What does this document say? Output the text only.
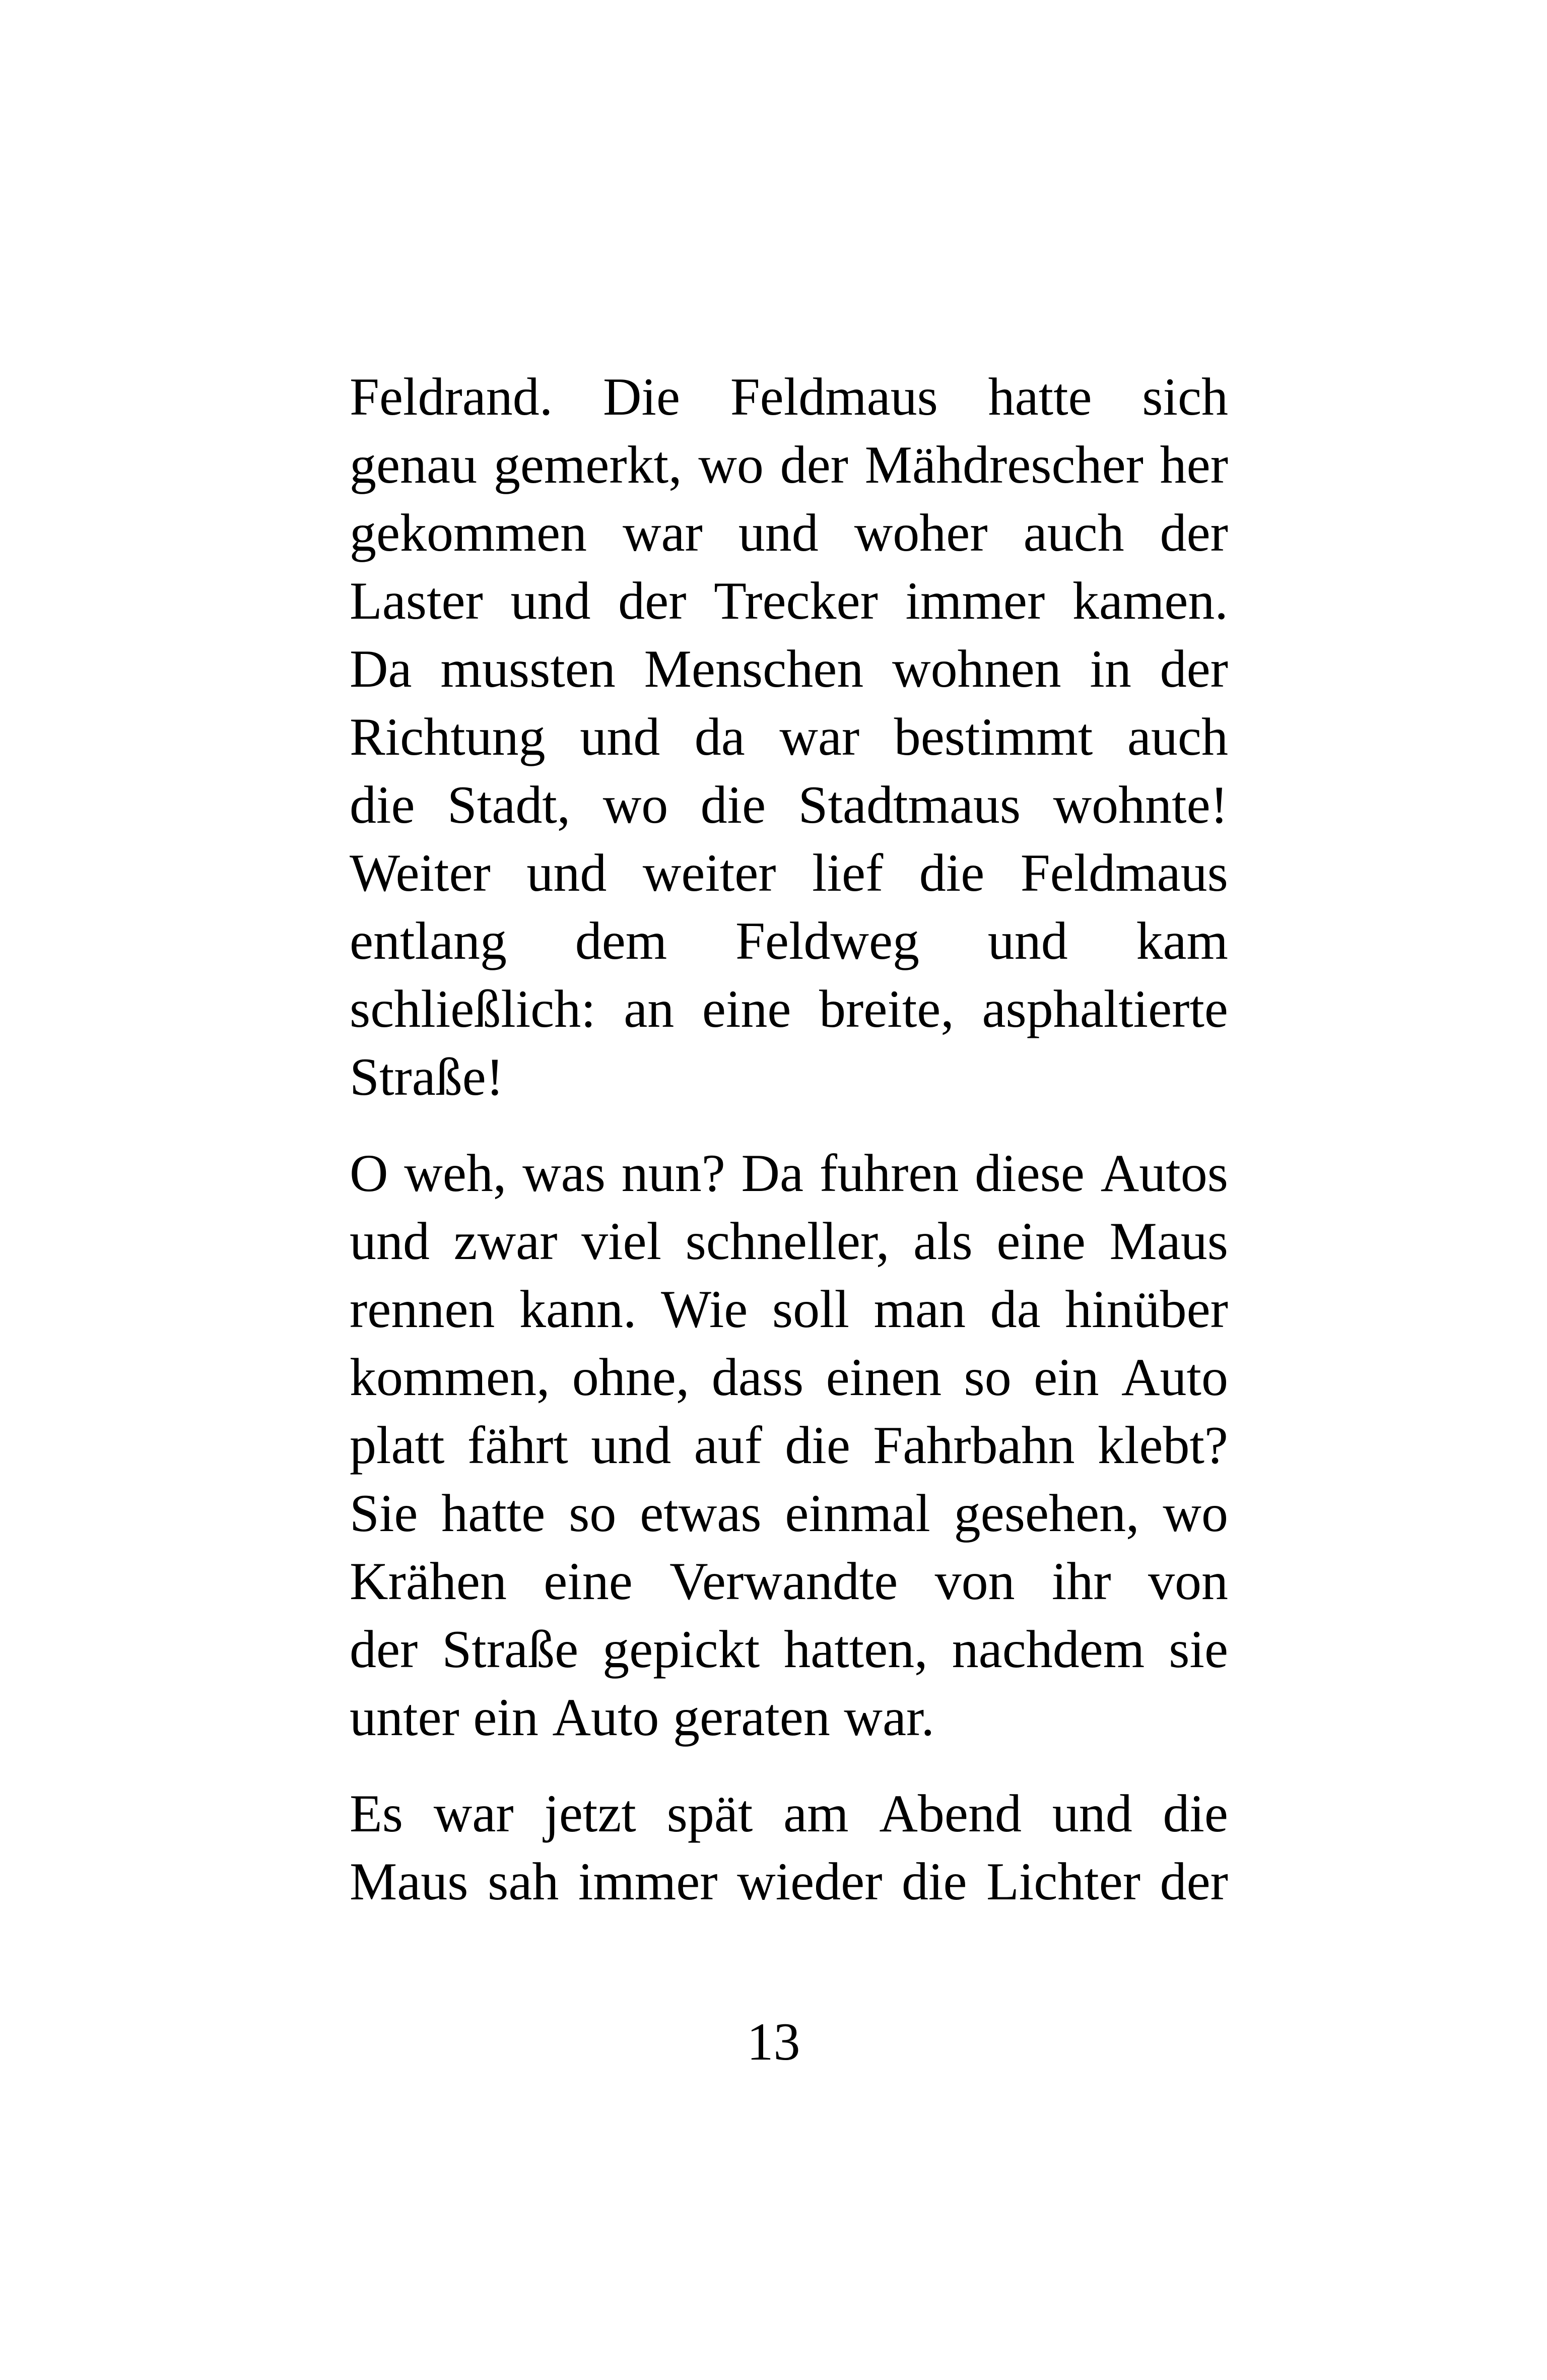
Feldrand. Die Feldmaus hatte sich
genau gemerkt, wo der Mähdrescher her
gekommen war und woher auch der
Laster und der Trecker immer kamen.
Da mussten Menschen wohnen in der
Richtung und da war bestimmt auch
die Stadt, wo die Stadtmaus wohnte!
Weiter und weiter lief die Feldmaus
entlang dem Feldweg und kam
schließlich: an eine breite, asphaltierte
Straße!
O weh, was nun? Da fuhren diese Autos
und zwar viel schneller, als eine Maus
rennen kann. Wie soll man da hinüber
kommen, ohne, dass einen so ein Auto
platt fährt und auf die Fahrbahn klebt?
Sie hatte so etwas einmal gesehen, wo
Krähen eine Verwandte von ihr von
der Straße gepickt hatten, nachdem sie
unter ein Auto geraten war.
Es war jetzt spät am Abend und die
Maus sah immer wieder die Lichter der
13
